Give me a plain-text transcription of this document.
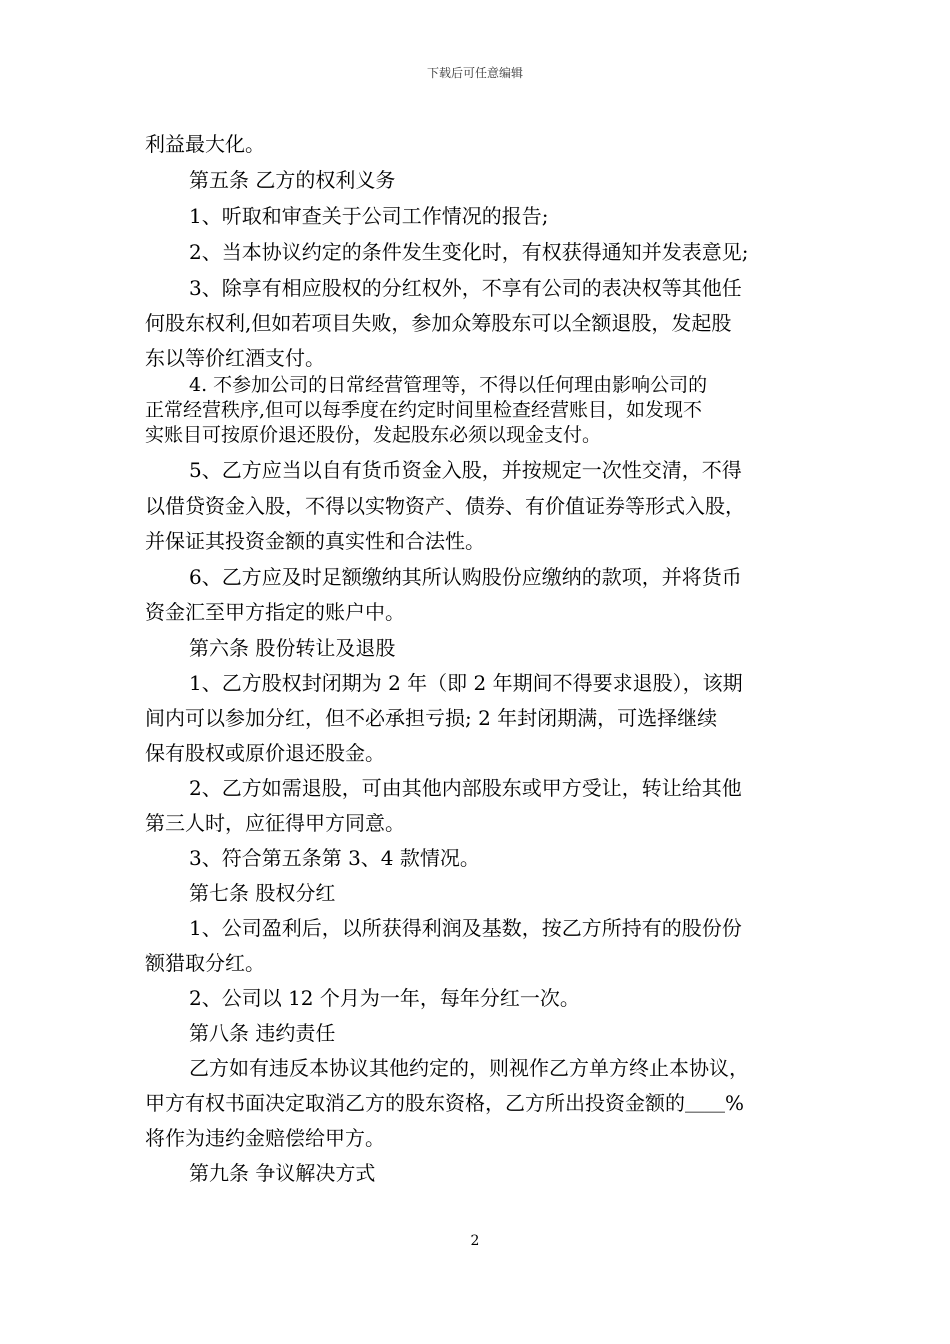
下载后可任意编辑
利益最大化。
第五条 乙方的权利义务
1、听取和审查关于公司工作情况的报告;
2、当本协议约定的条件发生变化时，有权获得通知并发表意见;
3、除享有相应股权的分红权外，不享有公司的表决权等其他任
何股东权利,但如若项目失败，参加众筹股东可以全额退股，发起股
东以等价红酒支付。
4. 不参加公司的日常经营管理等，不得以任何理由影响公司的
正常经营秩序,但可以每季度在约定时间里检查经营账目，如发现不
实账目可按原价退还股份，发起股东必须以现金支付。
5、乙方应当以自有货币资金入股，并按规定一次性交清，不得
以借贷资金入股，不得以实物资产、债券、有价值证券等形式入股，
并保证其投资金额的真实性和合法性。
6、乙方应及时足额缴纳其所认购股份应缴纳的款项，并将货币
资金汇至甲方指定的账户中。
第六条 股份转让及退股
1、乙方股权封闭期为 2 年（即 2 年期间不得要求退股），该期
间内可以参加分红，但不必承担亏损; 2 年封闭期满，可选择继续
保有股权或原价退还股金。
2、乙方如需退股，可由其他内部股东或甲方受让，转让给其他
第三人时，应征得甲方同意。
3、符合第五条第 3、4 款情况。
第七条 股权分红
1、公司盈利后，以所获得利润及基数，按乙方所持有的股份份
额猎取分红。
2、公司以 12 个月为一年，每年分红一次。
第八条 违约责任
乙方如有违反本协议其他约定的，则视作乙方单方终止本协议，
甲方有权书面决定取消乙方的股东资格，乙方所出投资金额的＿＿%
将作为违约金赔偿给甲方。
第九条 争议解决方式
2
